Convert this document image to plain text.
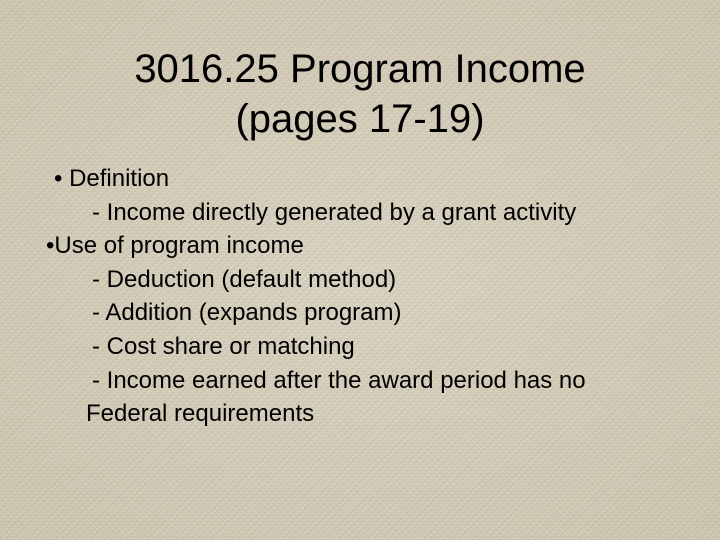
3016.25 Program Income
(pages 17-19)
• Definition
- Income directly generated by a grant activity
•Use of program income
- Deduction (default method)
- Addition (expands program)
- Cost share or matching
- Income earned after the award period has no
Federal requirements
